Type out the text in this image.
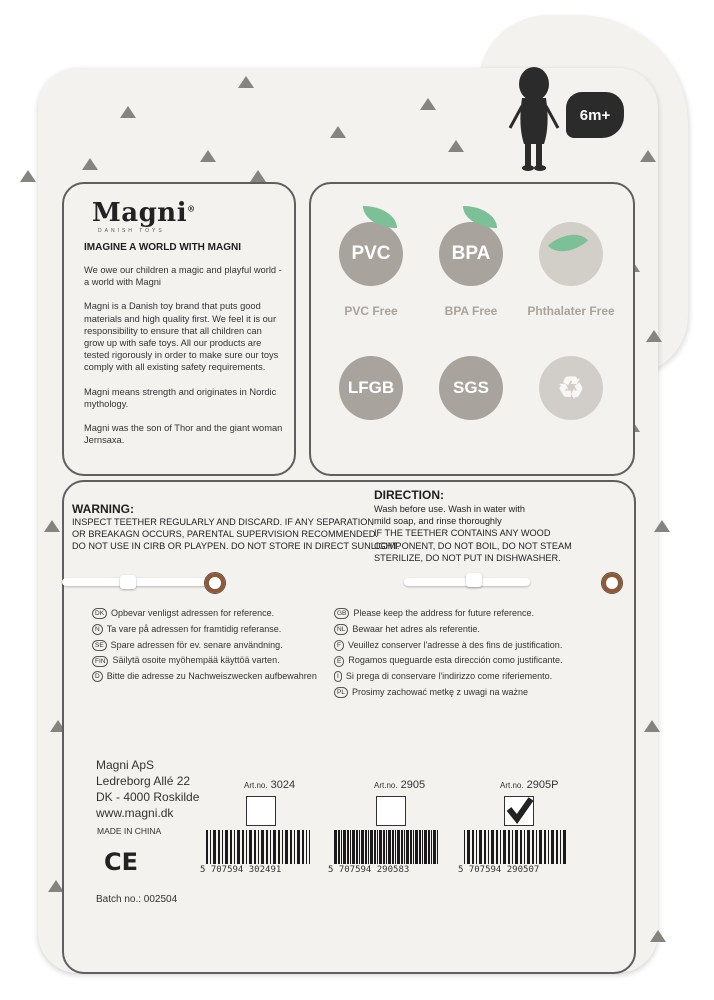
6m+
Magni®
DANISH TOYS
IMAGINE A WORLD WITH MAGNI

We owe our children a magic and playful world - a world with Magni

Magni is a Danish toy brand that puts good materials and high quality first. We feel it is our responsibility to ensure that all children can grow up with safe toys. All our products are tested rigorously in order to make sure our toys comply with all existing safety requirements.

Magni means strength and originates in Nordic mythology.

Magni was the son of Thor and the giant woman Jernsaxa.

PVC
PVC Free
BPA
BPA Free	Phthalater Free
LFGB	SGS ♻
WARNING:
INSPECT TEETHER REGULARLY AND DISCARD. IF ANY SEPARATION
OR BREAKAGN OCCURS, PARENTAL SUPERVISION RECOMMENDED.
DO NOT USE IN CIRB OR PLAYPEN. DO NOT STORE IN DIRECT SUNLIGHT.
DIRECTION:
Wash before use. Wash in water with
mild soap, and rinse thoroughly
IF THE TEETHER CONTAINS ANY WOOD
COMPONENT, DO NOT BOIL, DO NOT STEAM
STERILIZE, DO NOT PUT IN DISHWASHER.
DK Opbevar venligst adressen for reference.
N Ta vare på adressen for framtidig referanse.
SE Spare adressen för ev. senare användning.
FIN Säilytä osoite myöhempää käyttöä varten.
D Bitte die adresse zu Nachweiszwecken aufbewahren
GB Please keep the address for future reference.
NL Bewaar het adres als referentie.
F Veuillez conserver l'adresse à des fins de justification.
E Rogamos queguarde esta dirección como justificante.
I Si prega di conservare l'indirizzo come riferiemento.
PL Prosimy zachować metkę z uwagi na ważne
Magni ApS
Ledreborg Allé 22
DK - 4000 Roskilde
www.magni.dk
MADE IN CHINA
CE
Batch no.: 002504
Art.no. 3024	Art.no. 2905	Art.no. 2905P
5 707594 302491	5 707594 290583	5 707594 290507
